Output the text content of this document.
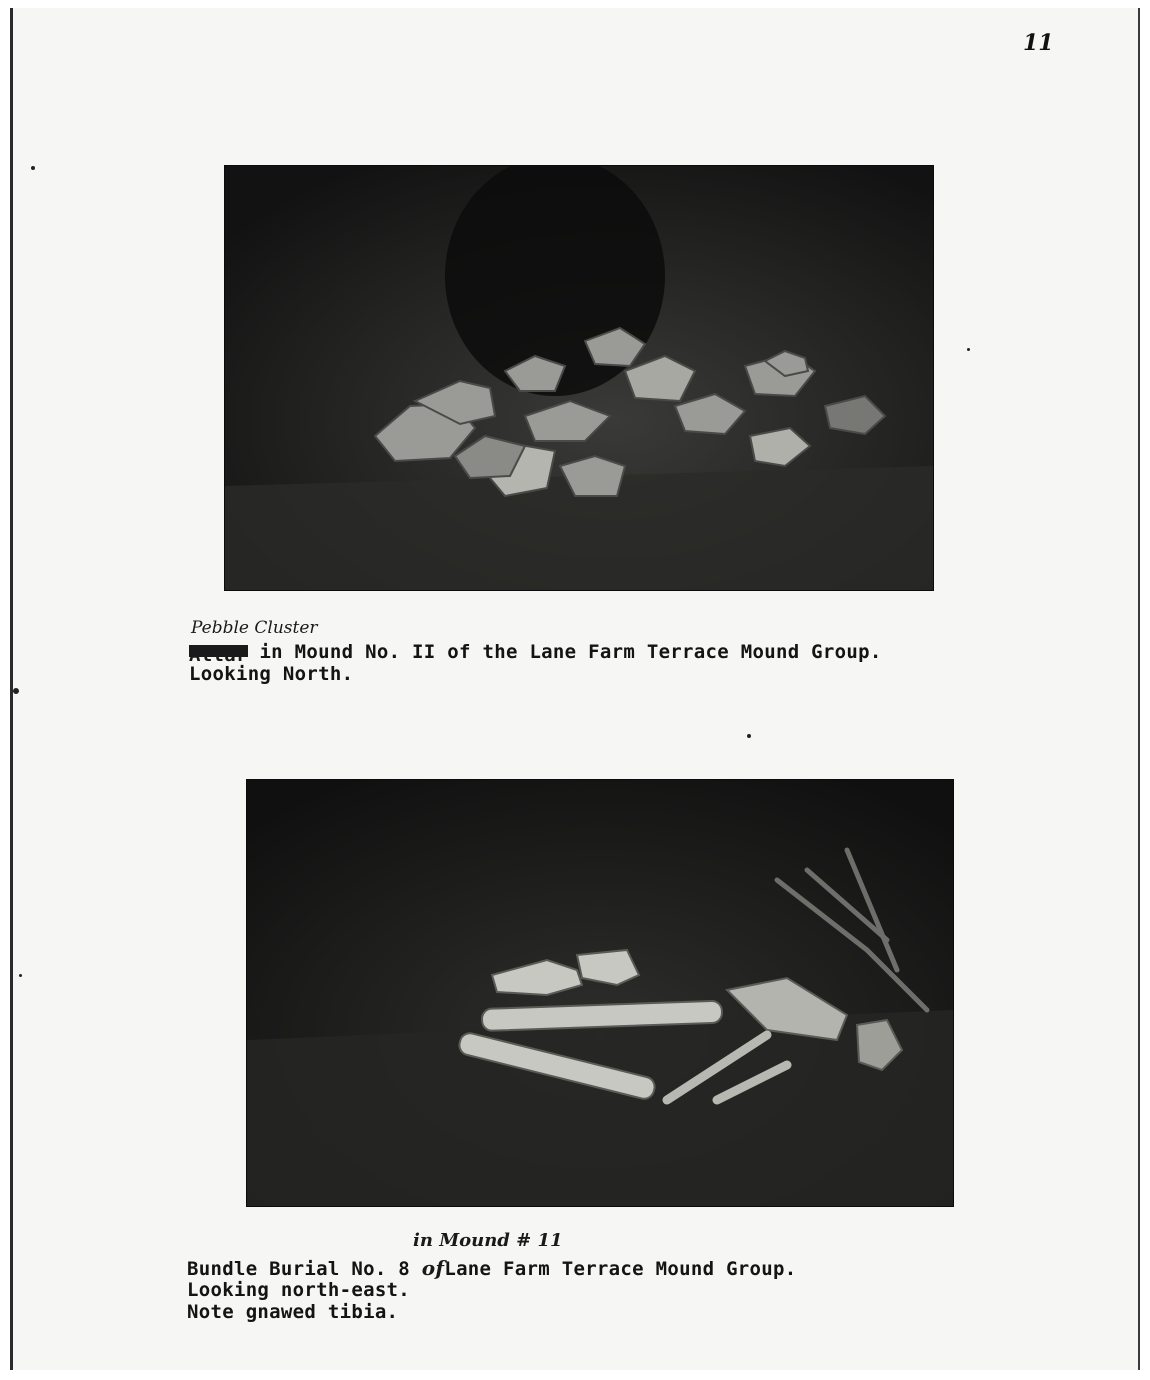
11
Pebble Cluster
Altar in Mound No. II of the Lane Farm Terrace Mound Group.
Looking North.
in Mound # 11
Bundle Burial No. 8 ofLane Farm Terrace Mound Group.
Looking north-east.
Note gnawed tibia.
